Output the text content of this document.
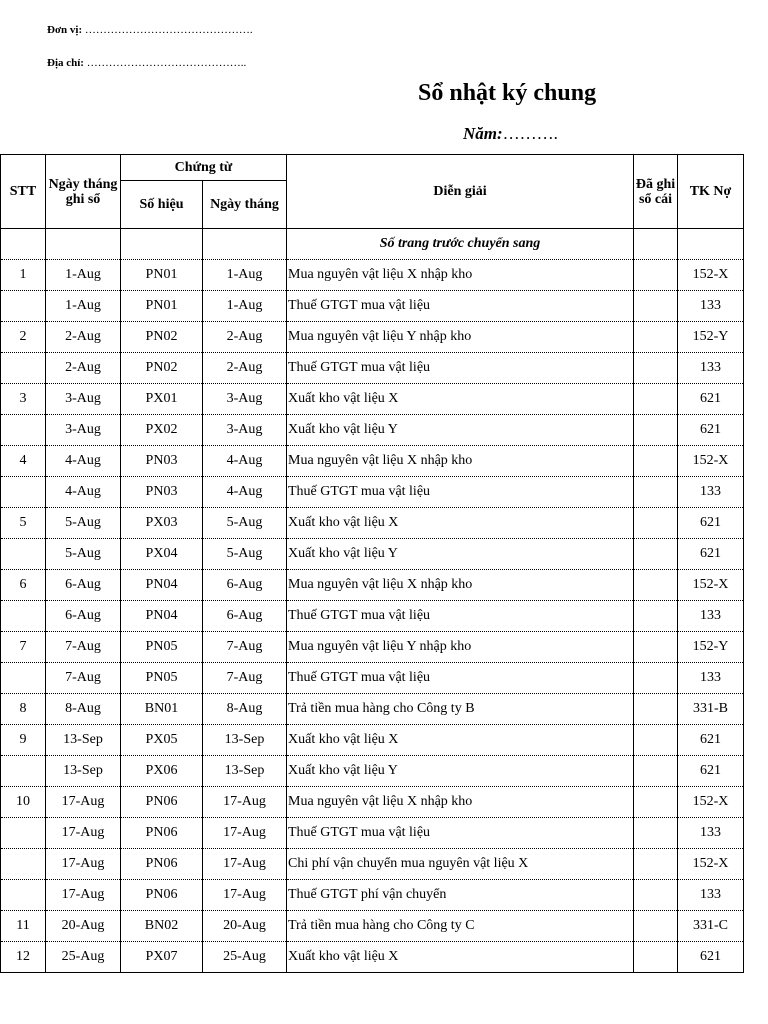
Đơn vị: ……………………………………….
Địa chỉ: ……………………………………..
Sổ nhật ký chung
Năm:……….
STT	Ngày tháng ghi sổ	Chứng từ		Diễn giải	Đã ghi sổ cái	TK Nợ
		Số hiệu	Ngày tháng			
				Số trang trước chuyển sang		
1	1-Aug	PN01	1-Aug	Mua nguyên vật liệu X nhập kho		152-X
	1-Aug	PN01	1-Aug	Thuế GTGT mua vật liệu		133
2	2-Aug	PN02	2-Aug	Mua nguyên vật liệu Y nhập kho		152-Y
	2-Aug	PN02	2-Aug	Thuế GTGT mua vật liệu		133
3	3-Aug	PX01	3-Aug	Xuất kho vật liệu X		621
	3-Aug	PX02	3-Aug	Xuất kho vật liệu Y		621
4	4-Aug	PN03	4-Aug	Mua nguyên vật liệu X nhập kho		152-X
	4-Aug	PN03	4-Aug	Thuế GTGT mua vật liệu		133
5	5-Aug	PX03	5-Aug	Xuất kho vật liệu X		621
	5-Aug	PX04	5-Aug	Xuất kho vật liệu Y		621
6	6-Aug	PN04	6-Aug	Mua nguyên vật liệu X nhập kho		152-X
	6-Aug	PN04	6-Aug	Thuế GTGT mua vật liệu		133
7	7-Aug	PN05	7-Aug	Mua nguyên vật liệu Y nhập kho		152-Y
	7-Aug	PN05	7-Aug	Thuế GTGT mua vật liệu		133
8	8-Aug	BN01	8-Aug	Trả tiền mua hàng cho Công ty B		331-B
9	13-Sep	PX05	13-Sep	Xuất kho vật liệu X		621
	13-Sep	PX06	13-Sep	Xuất kho vật liệu Y		621
10	17-Aug	PN06	17-Aug	Mua nguyên vật liệu X nhập kho		152-X
	17-Aug	PN06	17-Aug	Thuế GTGT mua vật liệu		133
	17-Aug	PN06	17-Aug	Chi phí vận chuyển mua nguyên vật liệu X		152-X
	17-Aug	PN06	17-Aug	Thuế GTGT phí vận chuyển		133
11	20-Aug	BN02	20-Aug	Trả tiền mua hàng cho Công ty C		331-C
12	25-Aug	PX07	25-Aug	Xuất kho vật liệu X		621
